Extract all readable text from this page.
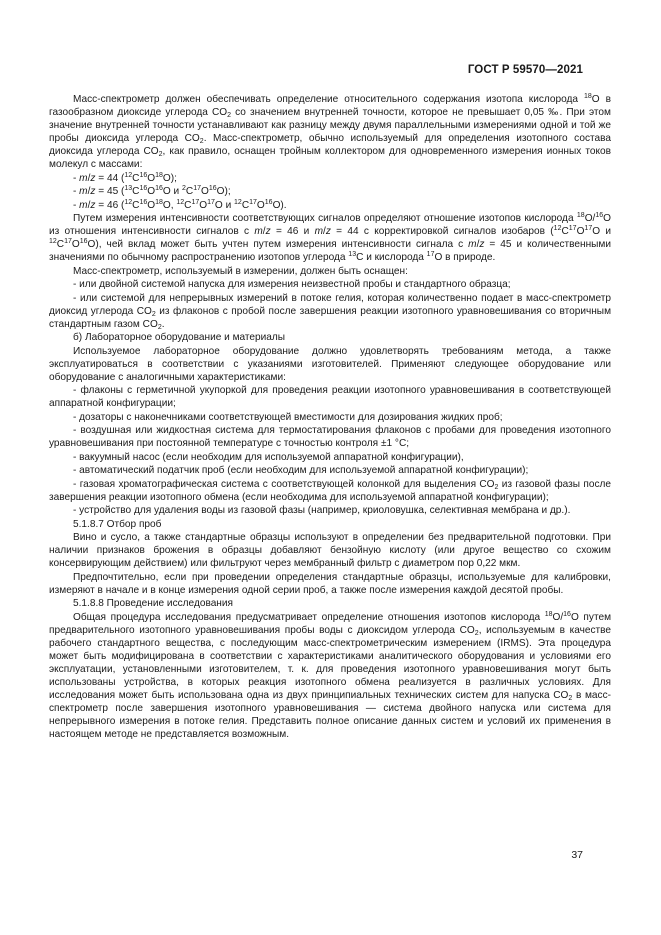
ГОСТ Р 59570—2021

Масс-спектрометр должен обеспечивать определение относительного содержания изотопа кислорода $^{18}$O в газообразном диоксиде углерода $CO_2$ со значением внутренней точности, которое не превышает 0,05 ‰. При этом значение внутренней точности устанавливают как разницу между двумя параллельными измерениями одной и той же пробы диоксида углерода $CO_2$. Масс-спектрометр, обычно используемый для определения изотопного состава диоксида углерода $CO_2$, как правило, оснащен тройным коллектором для одновременного измерения ионных токов молекул с массами:

- m/z = 44 $(^{12}C^{16}O^{18}O)$;

- m/z = 45 ($^{13}C^{16}O^{16}O$ и $^2C^{17}O^{16}O$);

- m/z = 46 ($^{12}C^{16}O^{18}O$, $^{12}C^{17}O^{17}O$ и $^{12}C^{17}O^{16}O$).

Путем измерения интенсивности соответствующих сигналов определяют отношение изотопов кислорода $^{18}$O/$^{16}$O из отношения интенсивности сигналов с m/z = 46 и m/z = 44 с корректировкой сигналов изобаров ($^{12}C^{17}O^{17}O$ и $^{12}C^{17}O^{16}O$), чей вклад может быть учтен путем измерения интенсивности сигнала с m/z = 45 и количественными значениями по обычному распространению изотопов углерода $^{13}$C и кислорода $^{17}$O в природе.

Масс-спектрометр, используемый в измерении, должен быть оснащен:

- или двойной системой напуска для измерения неизвестной пробы и стандартного образца;

- или системой для непрерывных измерений в потоке гелия, которая количественно подает в масс-спектрометр диоксид углерода $CO_2$ из флаконов с пробой после завершения реакции изотопного уравновешивания со вторичным стандартным газом $CO_2$.

б) Лабораторное оборудование и материалы

Используемое лабораторное оборудование должно удовлетворять требованиям метода, а также эксплуатироваться в соответствии с указаниями изготовителей. Применяют следующее оборудование или оборудование с аналогичными характеристиками:

- флаконы с герметичной укупоркой для проведения реакции изотопного уравновешивания в соответствующей аппаратной конфигурации;

- дозаторы с наконечниками соответствующей вместимости для дозирования жидких проб;

- воздушная или жидкостная система для термостатирования флаконов с пробами для проведения изотопного уравновешивания при постоянной температуре с точностью контроля ±1 °С;

- вакуумный насос (если необходим для используемой аппаратной конфигурации),

- автоматический податчик проб (если необходим для используемой аппаратной конфигурации);

- газовая хроматографическая система с соответствующей колонкой для выделения $CO_2$ из газовой фазы после завершения реакции изотопного обмена (если необходима для используемой аппаратной конфигурации);

- устройство для удаления воды из газовой фазы (например, криоловушка, селективная мембрана и др.).

5.1.8.7 Отбор проб

Вино и сусло, а также стандартные образцы используют в определении без предварительной подготовки. При наличии признаков брожения в образцы добавляют бензойную кислоту (или другое вещество со схожим консервирующим действием) или фильтруют через мембранный фильтр с диаметром пор 0,22 мкм.

Предпочтительно, если при проведении определения стандартные образцы, используемые для калибровки, измеряют в начале и в конце измерения одной серии проб, а также после измерения каждой десятой пробы.

5.1.8.8 Проведение исследования

Общая процедура исследования предусматривает определение отношения изотопов кислорода $^{18}$O/$^{16}$O путем предварительного изотопного уравновешивания пробы воды с диоксидом углерода $CO_2$, используемым в качестве рабочего стандартного вещества, с последующим масс-спектрометрическим измерением (IRMS). Эта процедура может быть модифицирована в соответствии с характеристиками аналитического оборудования и условиями его эксплуатации, установленными изготовителем, т. к. для проведения изотопного уравновешивания могут быть использованы устройства, в которых реакция изотопного обмена реализуется в различных условиях. Для исследования может быть использована одна из двух принципиальных технических систем для напуска $CO_2$ в масс-спектрометр после завершения изотопного уравновешивания — система двойного напуска или система для непрерывного измерения в потоке гелия. Представить полное описание данных систем и условий их применения в настоящем методе не представляется возможным.

37
